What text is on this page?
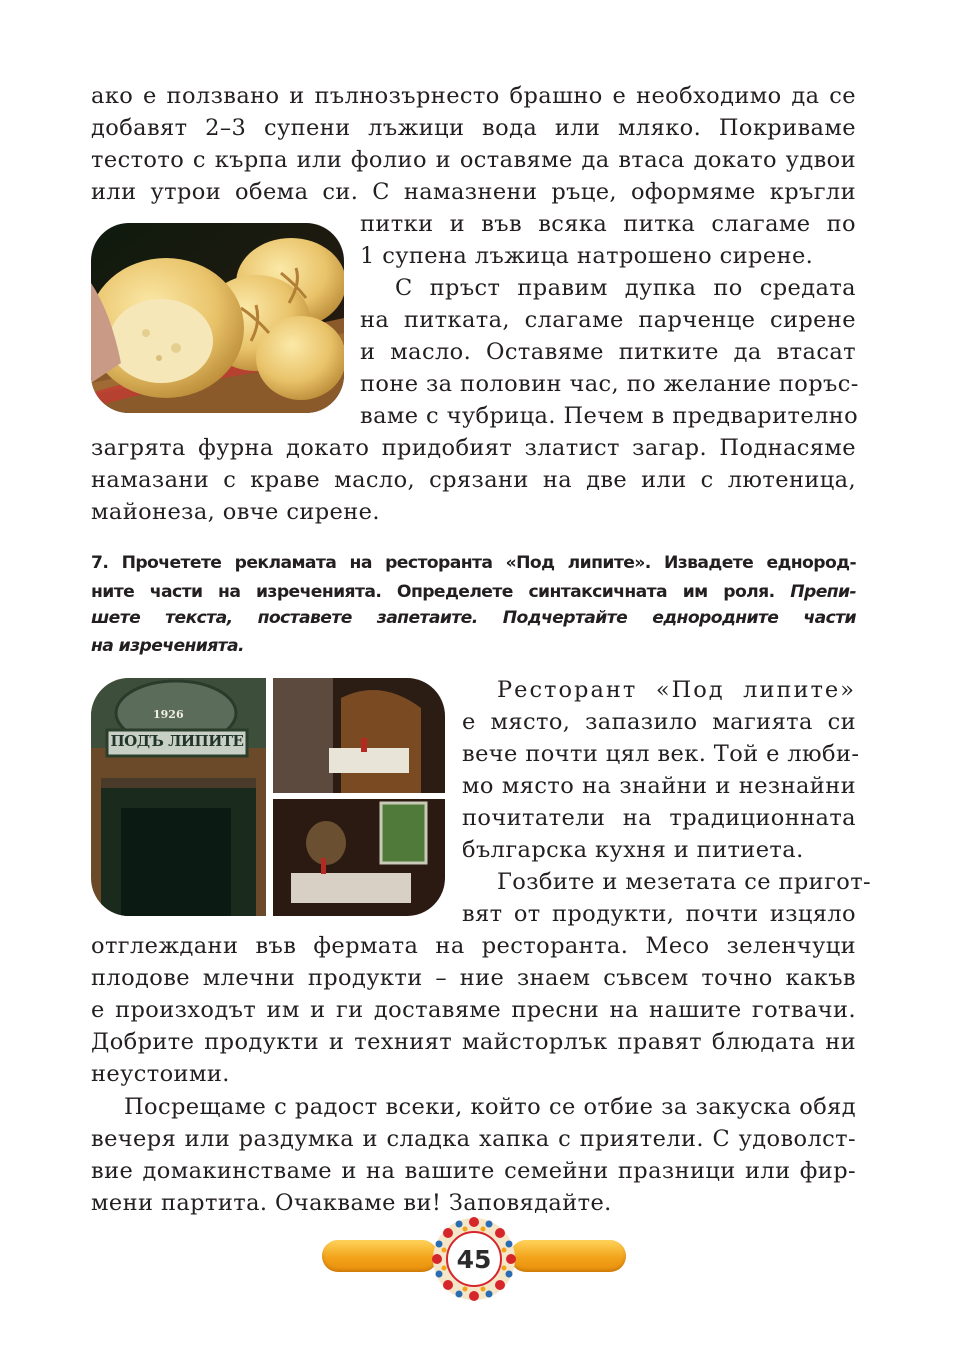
ако е ползвано и пълнозърнесто брашно е необходимо да се

добавят 2–3 супени лъжици вода или мляко. Покриваме

тестото с кърпа или фолио и оставяме да втаса докато удвои

или утрои обема си. С намазнени ръце, оформяме кръгли

питки и във всяка питка слагаме по

1 супена лъжица натрошено сирене.

С пръст правим дупка по средата

на питката, слагаме парченце сирене

и масло. Оставяме питките да втасат

поне за половин час, по желание поръс-

ваме с чубрица. Печем в предварително

загрята фурна докато придобият златист загар. Поднасяме

намазани с краве масло, срязани на две или с лютеница,

майонеза, овче сирене.

7. Прочетете рекламата на ресторанта «Под липите». Извадете еднород-

ните части на изреченията. Определете синтаксичната им роля. Препи-

шете текста, поставете запетаите. Подчертайте еднородните части

на изреченията.

1926
ПОДЪ ЛИПИТЕ

Ресторант «Под липите»

е място, запазило магията си

вече почти цял век. Той е люби-

мо място на знайни и незнайни

почитатели на традиционната

българска кухня и питиета.

Гозбите и мезетата се пригот-

вят от продукти, почти изцяло

отглеждани във фермата на ресторанта. Месо зеленчуци

плодове млечни продукти – ние знаем съвсем точно какъв

е произходът им и ги доставяме пресни на нашите готвачи.

Добрите продукти и техният майсторлък правят блюдата ни

неустоими.

Посрещаме с радост всеки, който се отбие за закуска обяд

вечеря или раздумка и сладка хапка с приятели. С удоволст-

вие домакинстваме и на вашите семейни празници или фир-

мени партита. Очакваме ви! Заповядайте.

45
